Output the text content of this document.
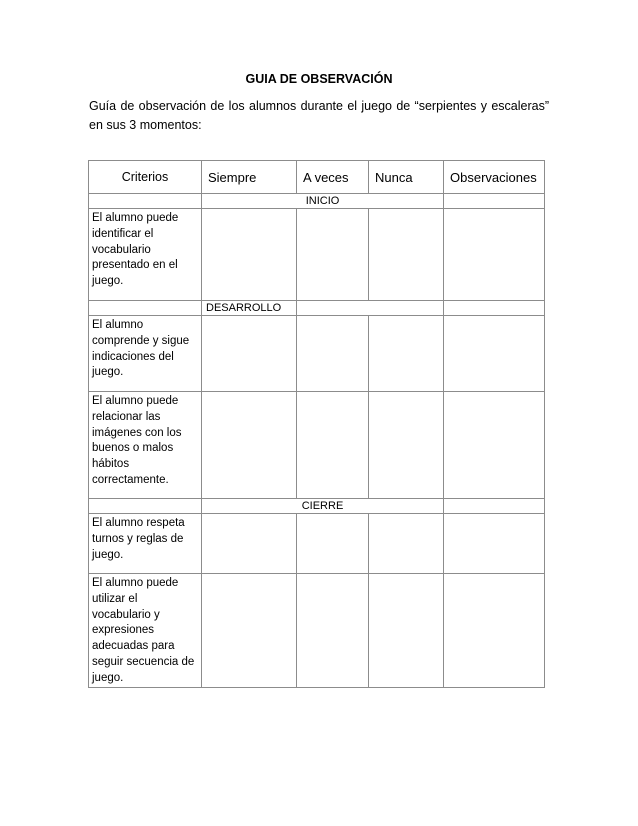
GUIA DE OBSERVACIÓN
Guía de observación de los alumnos durante el juego de “serpientes y escaleras” en sus 3 momentos:
Criterios	Siempre	A veces	Nunca	Observaciones
	INICIO			
El alumno puede identificar el vocabulario presentado en el juego.				
	DESARROLLO			
El alumno comprende y sigue indicaciones del juego.				
El alumno puede relacionar las imágenes con los buenos o malos hábitos correctamente.				
	CIERRE			
El alumno respeta turnos y reglas de juego.				
El alumno puede utilizar el vocabulario y expresiones adecuadas para seguir secuencia de juego.				
